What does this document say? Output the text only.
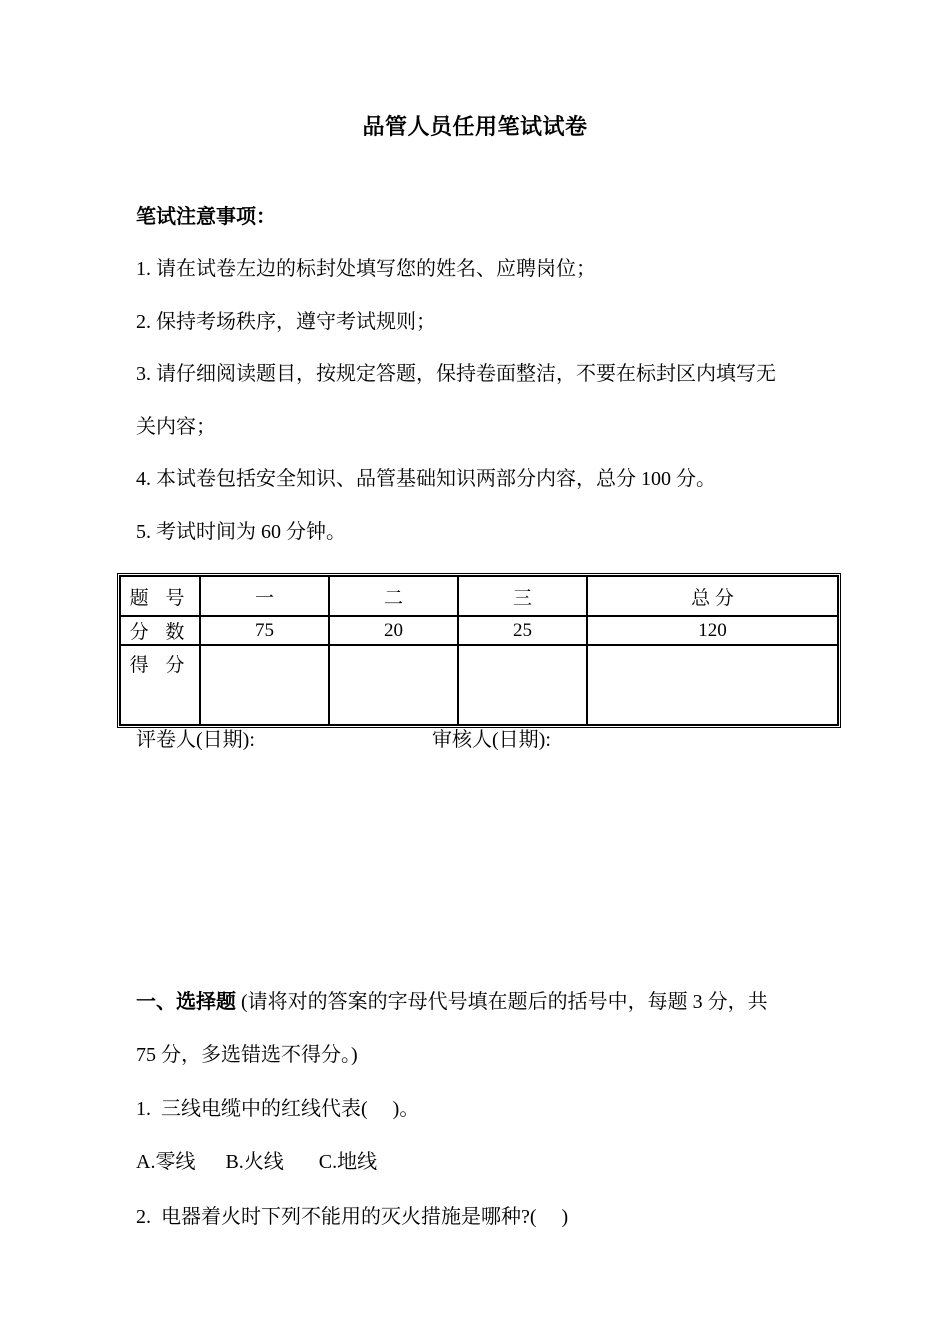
品管人员任用笔试试卷
笔试注意事项：
1. 请在试卷左边的标封处填写您的姓名、应聘岗位；
2. 保持考场秩序，遵守考试规则；
3. 请仔细阅读题目，按规定答题，保持卷面整洁，不要在标封区内填写无
关内容；
4. 本试卷包括安全知识、品管基础知识两部分内容，总分 100 分。
5. 考试时间为 60 分钟。
题 号	一	二	三	总 分
分 数	75	20	25	120
得 分				
评卷人(日期):	审核人(日期):
一、选择题 (请将对的答案的字母代号填在题后的括号中，每题 3 分，共
75 分，多选错选不得分。)
1.  三线电缆中的红线代表(     )。
A.零线      B.火线       C.地线
2.  电器着火时下列不能用的灭火措施是哪种?(     )
